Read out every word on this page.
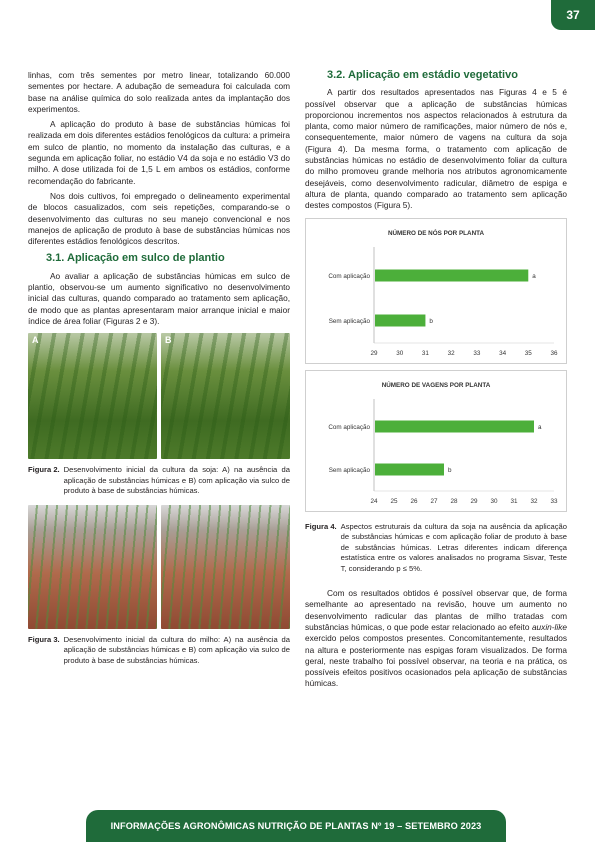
37

linhas, com três sementes por metro linear, totalizando 60.000 sementes por hectare. A adubação de semeadura foi calculada com base na análise química do solo realizada antes da implantação dos experimentos.

A aplicação do produto à base de substâncias húmicas foi realizada em dois diferentes estádios fenológicos da cultura: a primeira em sulco de plantio, no momento da instalação das culturas, e a segunda em aplicação foliar, no estádio V4 da soja e no estádio V3 do milho. A dose utilizada foi de 1,5 L em ambos os estádios, conforme recomendação do fabricante.

Nos dois cultivos, foi empregado o delineamento experimental de blocos casualizados, com seis repetições, comparando-se o desenvolvimento das culturas no seu manejo convencional e nos manejos de aplicação de produto à base de substâncias húmicas nos diferentes estádios fenológicos descritos.

3.1. Aplicação em sulco de plantio

Ao avaliar a aplicação de substâncias húmicas em sulco de plantio, observou-se um aumento significativo no desenvolvimento inicial das culturas, quando comparado ao tratamento sem aplicação, de modo que as plantas apresentaram maior arranque inicial e maior índice de área foliar (Figuras 2 e 3).

A	B
Figura 2. Desenvolvimento inicial da cultura da soja: A) na ausência da aplicação de substâncias húmicas e B) com aplicação via sulco de produto à base de substâncias húmicas.
Figura 3. Desenvolvimento inicial da cultura do milho: A) na ausência da aplicação de substâncias húmicas e B) com aplicação via sulco de produto à base de substâncias húmicas.
3.2. Aplicação em estádio vegetativo

A partir dos resultados apresentados nas Figuras 4 e 5 é possível observar que a aplicação de substâncias húmicas proporcionou incrementos nos aspectos relacionados à estrutura da planta, como maior número de ramificações, maior número de nós e, consequentemente, maior número de vagens na cultura da soja (Figura 4). Da mesma forma, o tratamento com aplicação de substâncias húmicas no estádio de desenvolvimento foliar da cultura do milho promoveu grande melhoria nos atributos agronomicamente desejáveis, como desenvolvimento radicular, diâmetro de espiga e altura de planta, quando comparado ao tratamento sem aplicação destes compostos (Figura 5).

NÚMERO DE NÓS POR PLANTA
Com aplicação	a
Sem aplicação	b
29	30	31	32	33	34	35	36
NÚMERO DE VAGENS POR PLANTA
Com aplicação	a
Sem aplicação	b
24 25 26 27 28 29 30 31 32 33
Figura 4. Aspectos estruturais da cultura da soja na ausência da aplicação de substâncias húmicas e com aplicação foliar de produto à base de substâncias húmicas. Letras diferentes indicam diferença estatística entre os valores analisados no programa Sisvar, Teste T, considerando p ≤ 5%.

Com os resultados obtidos é possível observar que, de forma semelhante ao apresentado na revisão, houve um aumento no desenvolvimento radicular das plantas de milho tratadas com substâncias húmicas, o que pode estar relacionado ao efeito auxin-like exercido pelos compostos presentes. Concomitantemente, resultados na altura e posteriormente nas espigas foram visualizados. De forma geral, neste trabalho foi possível observar, na teoria e na prática, os possíveis efeitos positivos ocasionados pela aplicação de substâncias húmicas.

INFORMAÇÕES AGRONÔMICAS NUTRIÇÃO DE PLANTAS Nº 19 – SETEMBRO 2023
